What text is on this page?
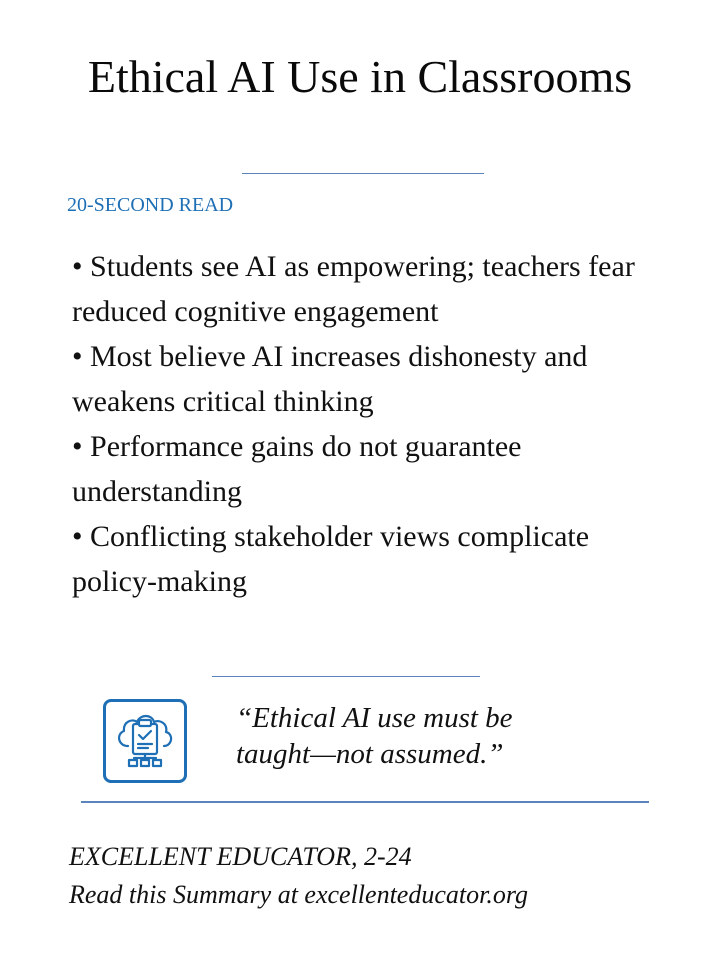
Ethical AI Use in Classrooms
20-SECOND READ
• Students see AI as empowering; teachers fear reduced cognitive engagement
• Most believe AI increases dishonesty and weakens critical thinking
• Performance gains do not guarantee understanding
• Conflicting stakeholder views complicate policy-making
“Ethical AI use must be
taught—not assumed.”
EXCELLENT EDUCATOR, 2-24
Read this Summary at excellenteducator.org
